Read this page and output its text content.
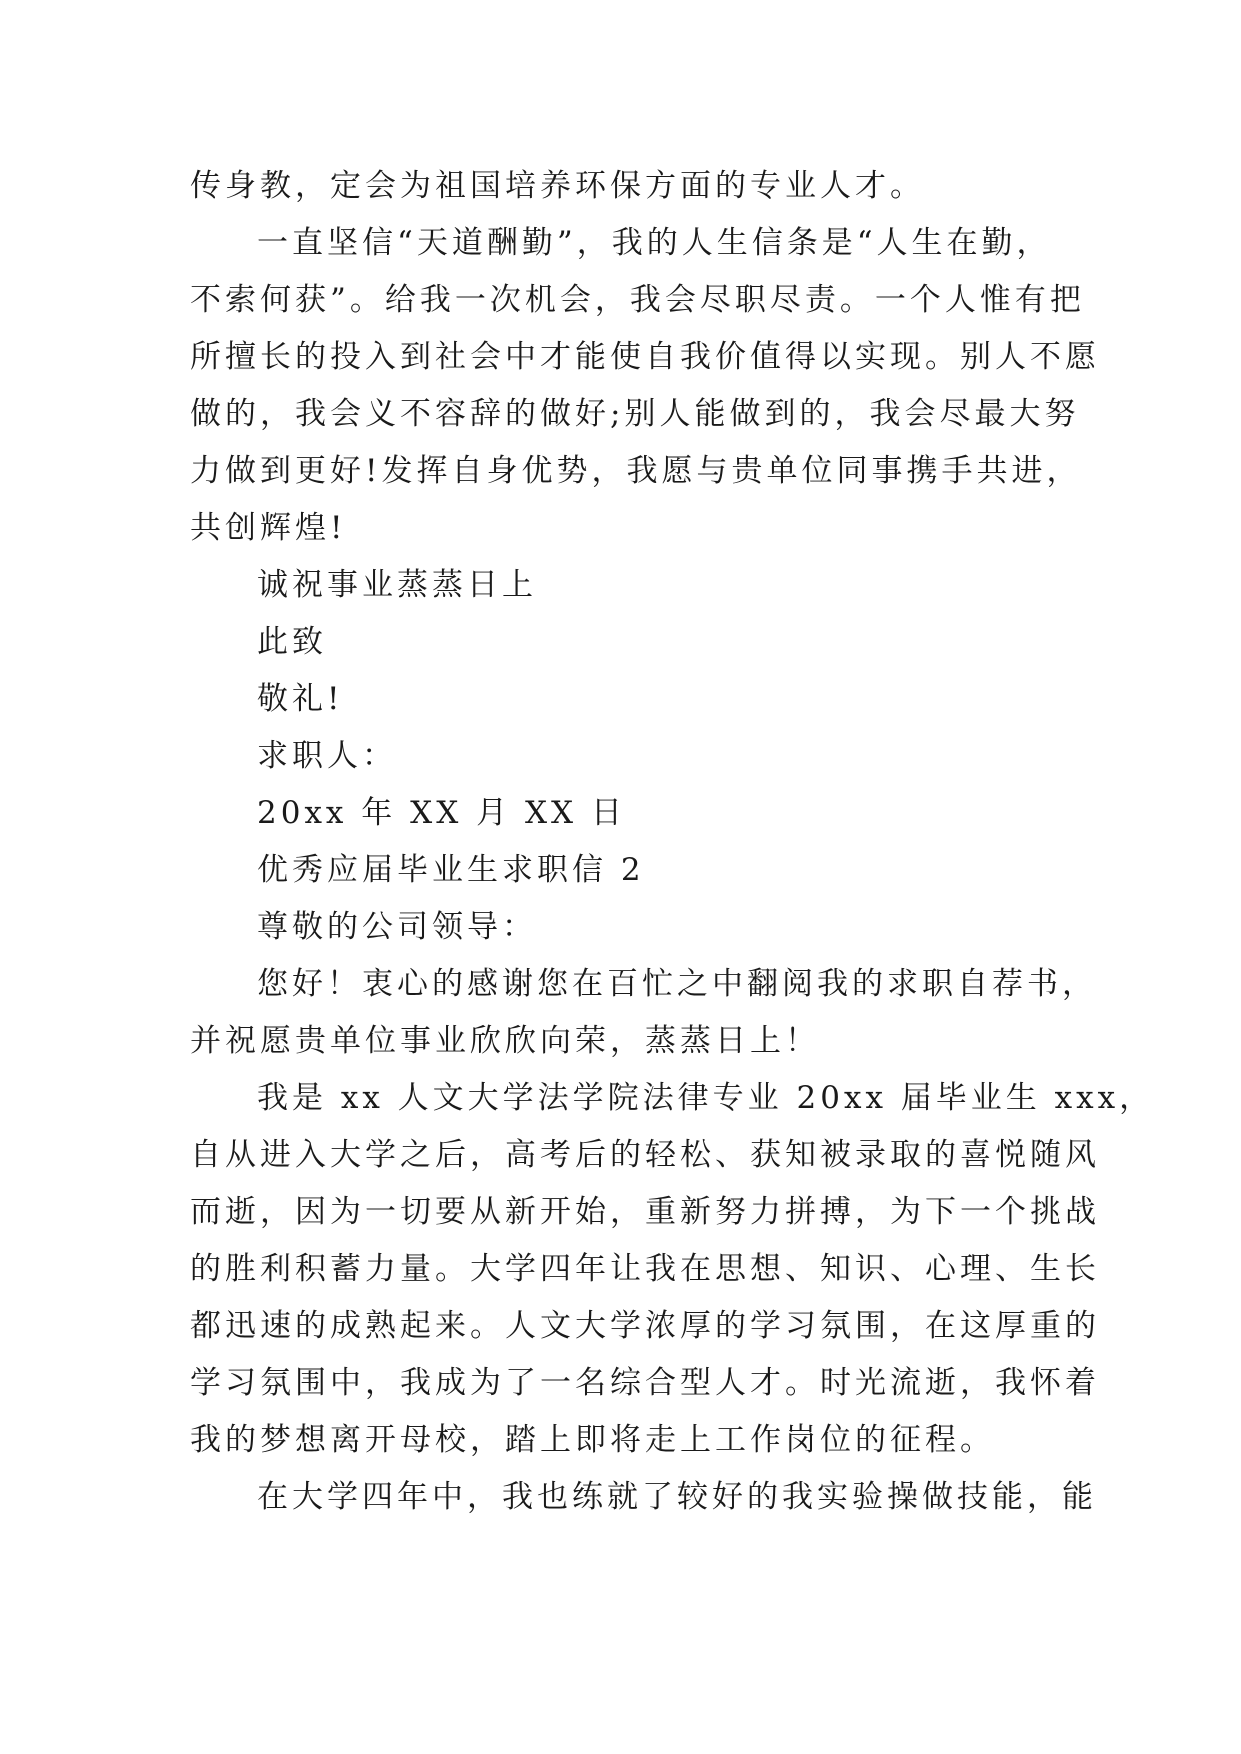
传身教，定会为祖国培养环保方面的专业人才。
一直坚信“天道酬勤”，我的人生信条是“人生在勤，
不索何获”。给我一次机会，我会尽职尽责。一个人惟有把
所擅长的投入到社会中才能使自我价值得以实现。别人不愿
做的，我会义不容辞的做好;别人能做到的，我会尽最大努
力做到更好!发挥自身优势，我愿与贵单位同事携手共进，
共创辉煌!
诚祝事业蒸蒸日上
此致
敬礼!
求职人：
20xx 年 XX 月 XX 日
优秀应届毕业生求职信 2
尊敬的公司领导：
您好！衷心的感谢您在百忙之中翻阅我的求职自荐书，
并祝愿贵单位事业欣欣向荣，蒸蒸日上！
我是 xx 人文大学法学院法律专业 20xx 届毕业生 xxx，
自从进入大学之后，高考后的轻松、获知被录取的喜悦随风
而逝，因为一切要从新开始，重新努力拼搏，为下一个挑战
的胜利积蓄力量。大学四年让我在思想、知识、心理、生长
都迅速的成熟起来。人文大学浓厚的学习氛围，在这厚重的
学习氛围中，我成为了一名综合型人才。时光流逝，我怀着
我的梦想离开母校，踏上即将走上工作岗位的征程。
在大学四年中，我也练就了较好的我实验操做技能，能
